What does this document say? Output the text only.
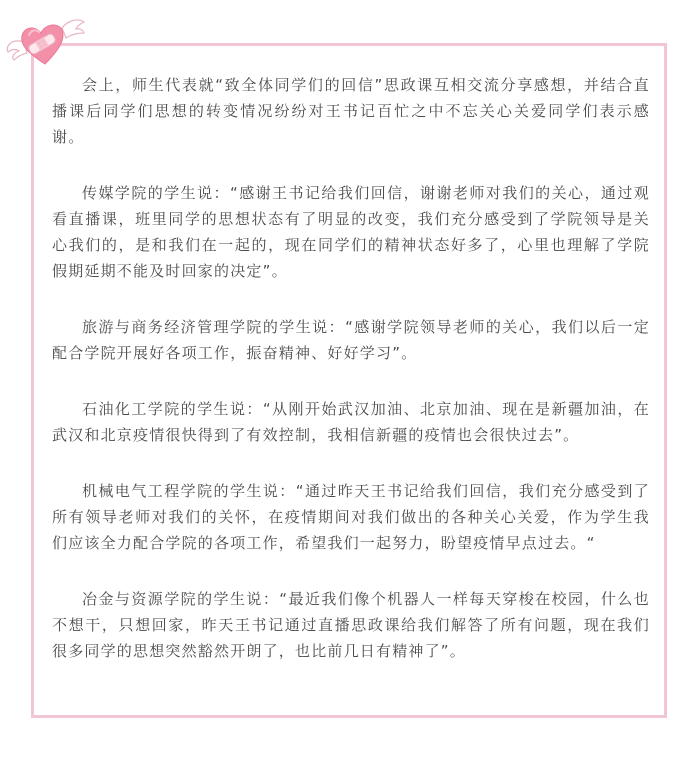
会上，师生代表就“致全体同学们的回信”思政课互相交流分享感想，并结合直播课后同学们思想的转变情况纷纷对王书记百忙之中不忘关心关爱同学们表示感谢。

传媒学院的学生说：“感谢王书记给我们回信，谢谢老师对我们的关心，通过观看直播课，班里同学的思想状态有了明显的改变，我们充分感受到了学院领导是关心我们的，是和我们在一起的，现在同学们的精神状态好多了，心里也理解了学院假期延期不能及时回家的决定”。

旅游与商务经济管理学院的学生说：“感谢学院领导老师的关心，我们以后一定配合学院开展好各项工作，振奋精神、好好学习”。

石油化工学院的学生说：“从刚开始武汉加油、北京加油、现在是新疆加油，在武汉和北京疫情很快得到了有效控制，我相信新疆的疫情也会很快过去”。

机械电气工程学院的学生说：“通过昨天王书记给我们回信，我们充分感受到了所有领导老师对我们的关怀，在疫情期间对我们做出的各种关心关爱，作为学生我们应该全力配合学院的各项工作，希望我们一起努力，盼望疫情早点过去。“

冶金与资源学院的学生说：“最近我们像个机器人一样每天穿梭在校园，什么也不想干，只想回家，昨天王书记通过直播思政课给我们解答了所有问题，现在我们很多同学的思想突然豁然开朗了，也比前几日有精神了”。
